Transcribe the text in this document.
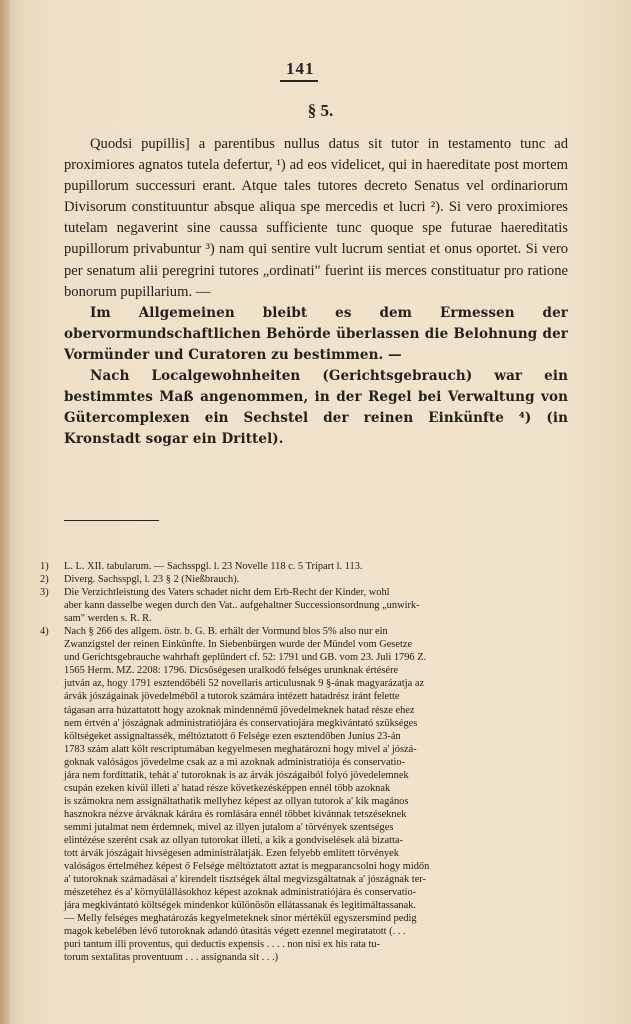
141
§ 5.

Quodsi pupillis] a parentibus nullus datus sit tutor in testamento tunc ad proximiores agnatos tutela defertur, ¹) ad eos videlicet, qui in haereditate post mortem pupillorum successuri erant. Atque tales tutores decreto Senatus vel ordinariorum Divisorum constituuntur absque aliqua spe mercedis et lucri ²). Si vero proximiores tutelam negaverint sine caussa sufficiente tunc quoque spe futurae haereditatis pupillorum privabuntur ³) nam qui sentire vult lucrum sentiat et onus oportet. Si vero per senatum alii peregrini tutores „ordinati" fuerint iis merces constituatur pro ratione bonorum pupillarium. —

Im Allgemeinen bleibt es dem Ermessen der obervormundschaftlichen Behörde überlassen die Belohnung der Vormünder und Curatoren zu bestimmen. —

Nach Localgewohnheiten (Gerichtsgebrauch) war ein bestimmtes Maß angenommen, in der Regel bei Verwaltung von Gütercomplexen ein Sechstel der reinen Einkünfte ⁴) (in Kronstadt sogar ein Drittel).

1)	L. L. XII. tabularum. — Sachsspgl. l. 23 Novelle 118 c. 5 Tripart l. 113.
2)	Diverg. Sachsspgl, l. 23 § 2 (Nießbrauch).
3)	Die Verzichtleistung des Vaters schadet nicht dem Erb-Recht der Kinder, wohl
aber kann dasselbe wegen durch den Vat.. aufgehaltner Successionsordnung „unwirk-
sam" werden s. R. R.
4)	Nach § 266 des allgem. östr. b. G. B. erhält der Vormund blos 5% also nur ein
Zwanzigstel der reinen Einkünfte. In Siebenbürgen wurde der Mündel vom Gesetze
und Gerichtsgebrauche wahrhaft geplündert cf. 52: 1791 und GB. vom 23. Juli 1796 Z.
1565 Herm. MZ. 2208: 1796. Dicsőségesen uralkodó felséges urunknak értésére
jutván az, hogy 1791 esztendőbéli 52 novellaris articulusnak 9 §-ának magyarázatja az
árvák jószágainak jövedelméből a tutorok számára intézett hatadrész iránt felette
tágasan arra húzattatott hogy azoknak mindennémű jövedelmeknek hatad része ehez
nem értvén a' jószágnak administratiójára és conservatiojára megkivántató szükséges
költségeket assignaltassék, méltóztatott ő Felsége ezen esztendőben Junius 23-án
1783 szám alatt költ rescriptumában kegyelmesen meghatározni hogy mivel a' jószá-
goknak valóságos jövedelme csak az a mi azoknak administratiója és conservatio-
jára nem fordíttatik, tehát a' tutoroknak is az árvák jószágaiból folyó jövedelemnek
csupán ezeken kívül illeti a' hatad része következésképpen ennél több azoknak
is számokra nem assignáltathatik mellyhez képest az ollyan tutorok a' kik magános
hasznokra nézve árváknak kárára és romlására ennél többet kivánnak tetszéseknek
semmi jutalmat nem érdemnek, mivel az illyen jutalom a' törvények szentséges
elintézése szerént csak az ollyan tutorokat illeti, a kik a gondviselések alá bizatta-
tott árvák jószágait hivségesen administrálatják. Ezen felyebb említett törvények
valóságos értelméhez képest ő Felsége méltóztatott aztat is megparancsolni hogy midőn
a' tutoroknak számadásai a' kirendelt tisztségek által megvizsgáltatnak a' jószágnak ter-
mészetéhez és a' környűlállásokhoz képest azoknak administratiójára és conservatio-
jára megkivántató költségek mindenkor különösön ellátassanak és legitimáltassanak.
— Melly felséges meghatározás kegyelmeteknek sinor mértékül egyszersmind pedig
magok kebelében lévő tutoroknak adandó útasitás végett ezennel megiratatott (. . .
puri tantum illi proventus, qui deductis expensis . . . . non nisi ex his rata tu-
torum sextalitas proventuum . . . assignanda sit . . .)
